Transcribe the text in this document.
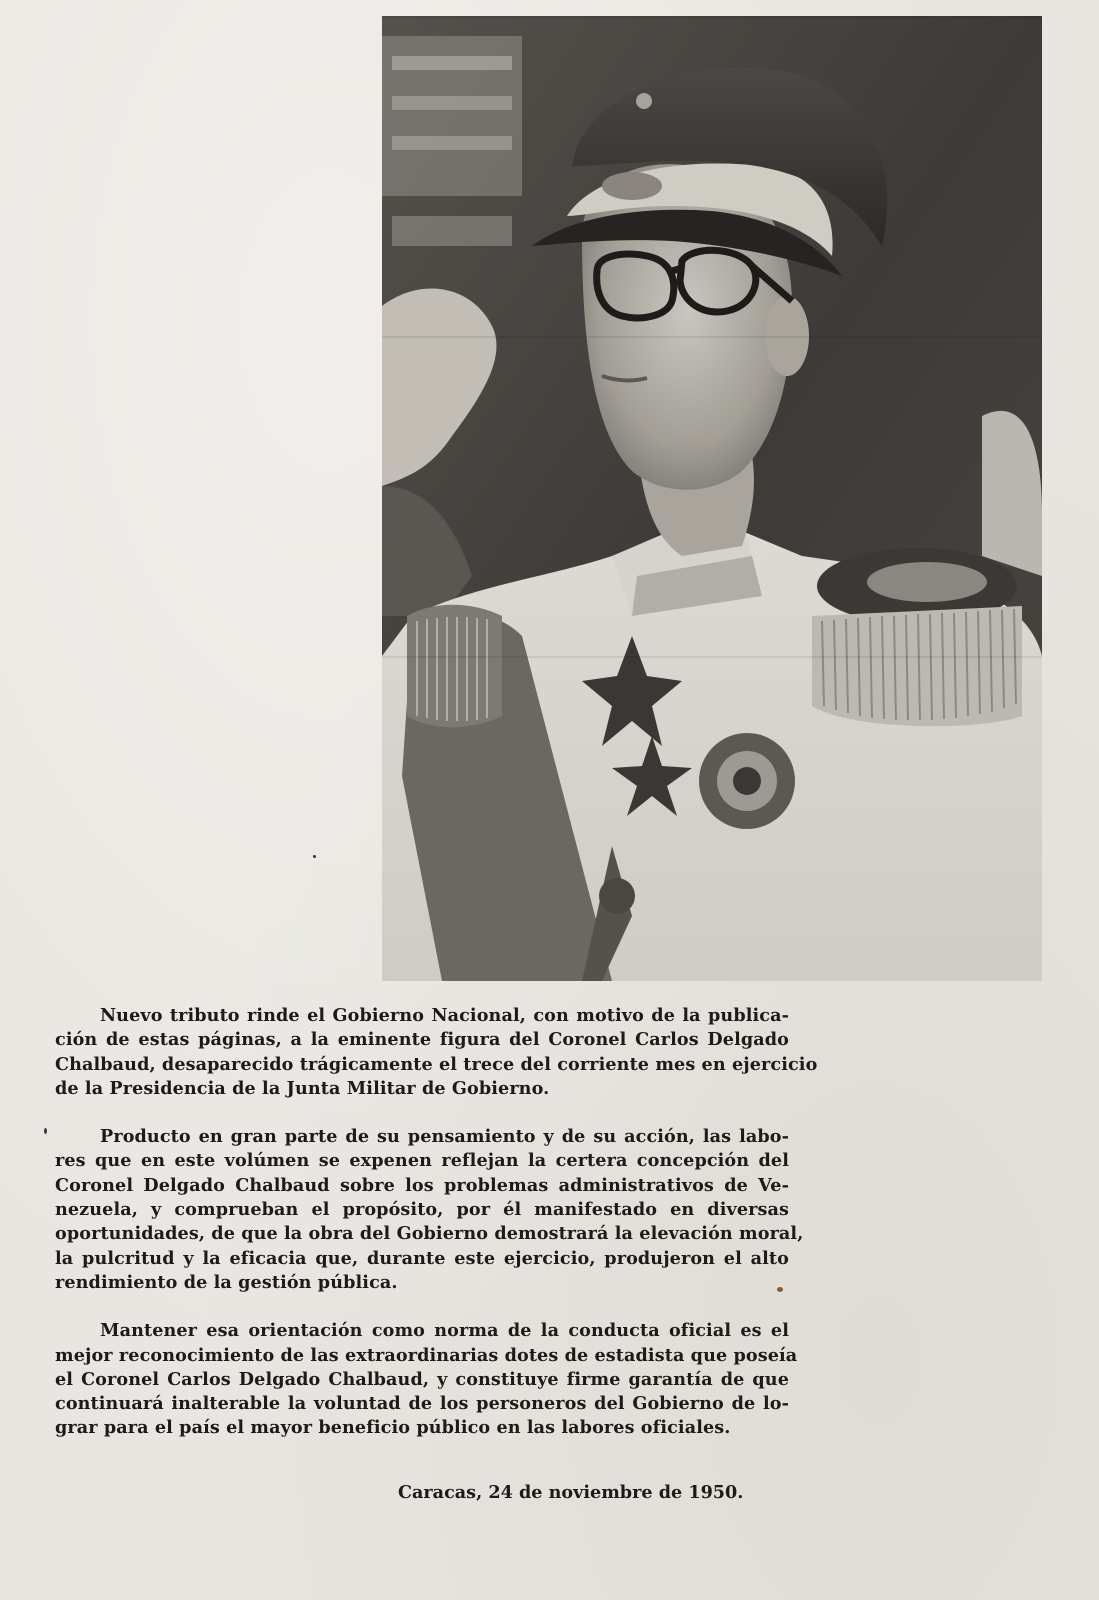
Nuevo tributo rinde el Gobierno Nacional, con motivo de la publica-
ción de estas páginas, a la eminente figura del Coronel Carlos Delgado
Chalbaud, desaparecido trágicamente el trece del corriente mes en ejercicio
de la Presidencia de la Junta Militar de Gobierno.
Producto en gran parte de su pensamiento y de su acción, las labo-
res que en este volúmen se expenen reflejan la certera concepción del
Coronel Delgado Chalbaud sobre los problemas administrativos de Ve-
nezuela, y comprueban el propósito, por él manifestado en diversas
oportunidades, de que la obra del Gobierno demostrará la elevación moral,
la pulcritud y la eficacia que, durante este ejercicio, produjeron el alto
rendimiento de la gestión pública.
Mantener esa orientación como norma de la conducta oficial es el
mejor reconocimiento de las extraordinarias dotes de estadista que poseía
el Coronel Carlos Delgado Chalbaud, y constituye firme garantía de que
continuará inalterable la voluntad de los personeros del Gobierno de lo-
grar para el país el mayor beneficio público en las labores oficiales.
Caracas, 24 de noviembre de 1950.
